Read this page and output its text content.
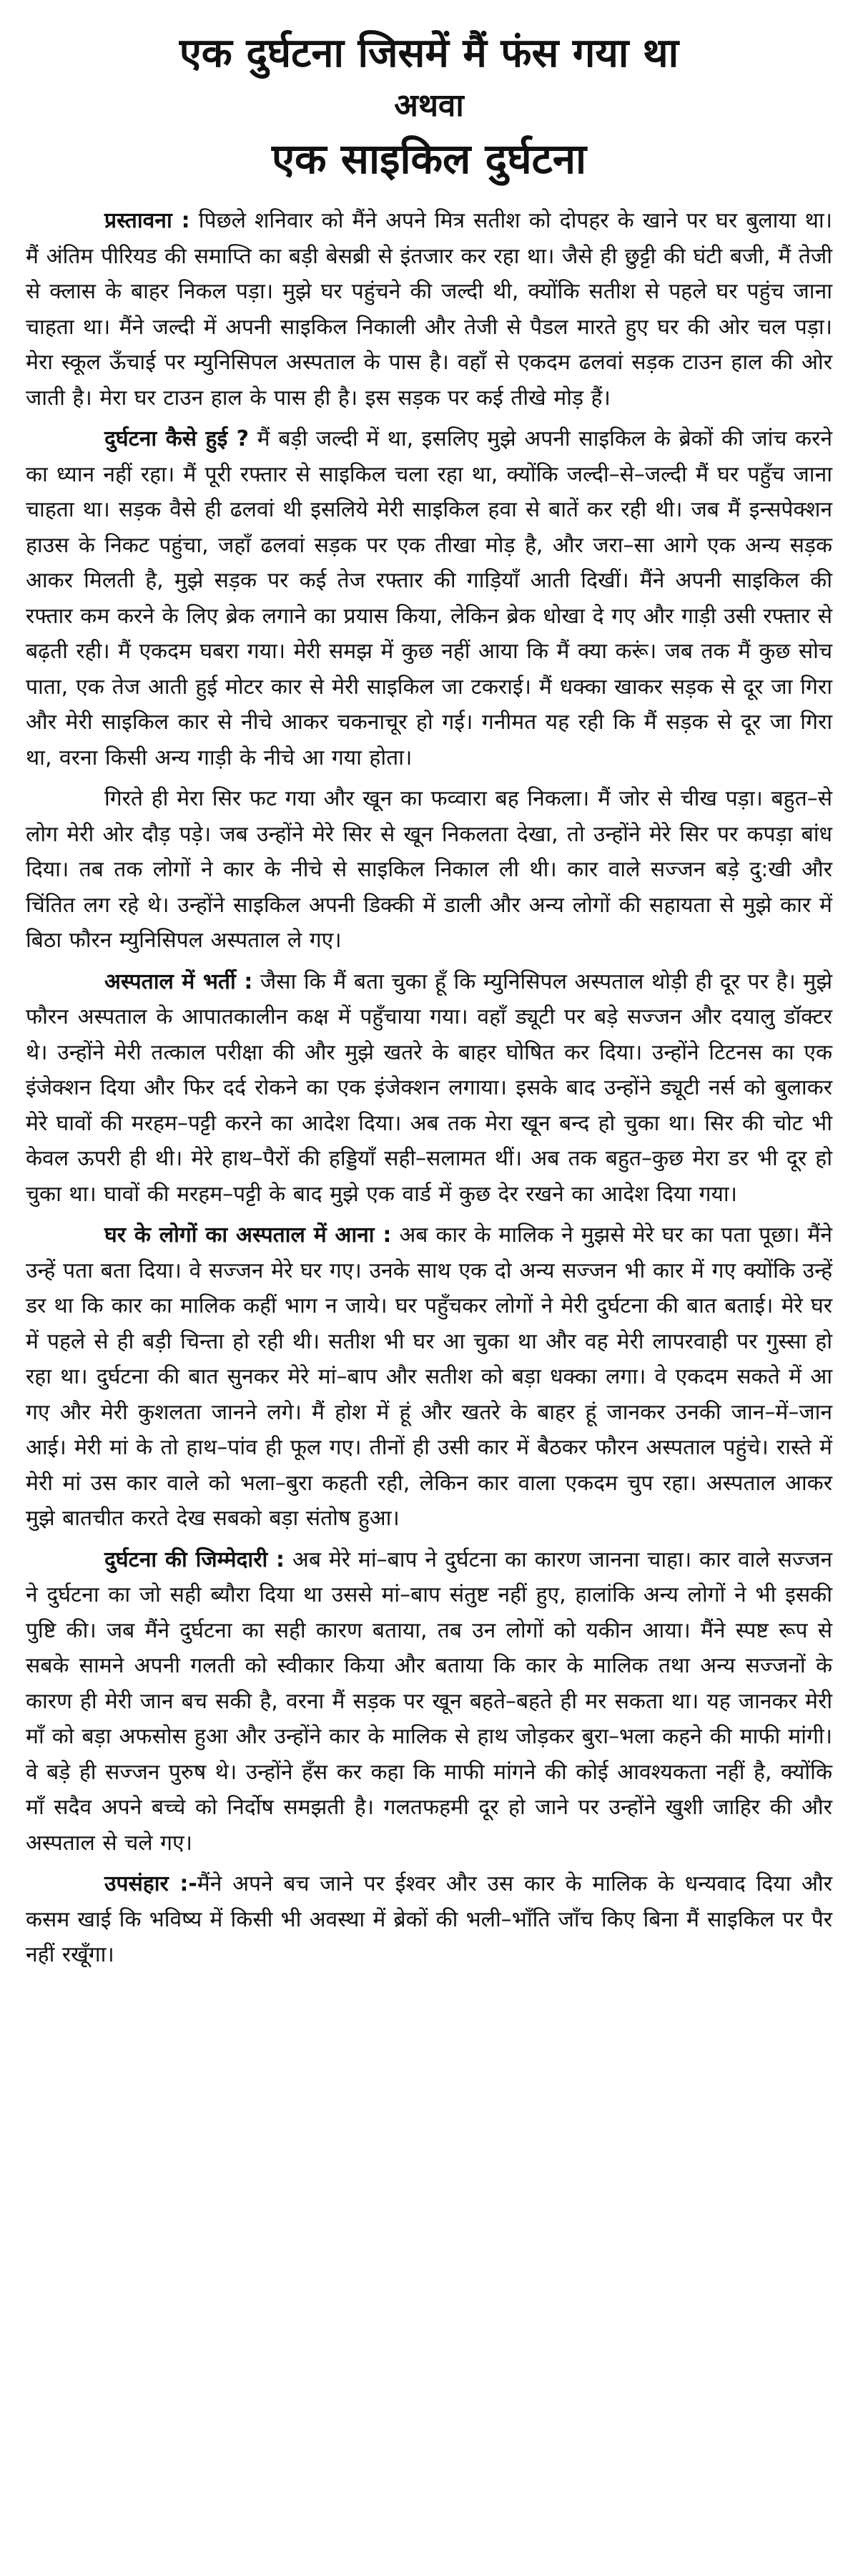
एक दुर्घटना जिसमें मैं फंस गया था
अथवा
एक साइकिल दुर्घटना

प्रस्तावना : पिछले शनिवार को मैंने अपने मित्र सतीश को दोपहर के खाने पर घर बुलाया था। मैं अंतिम पीरियड की समाप्ति का बड़ी बेसब्री से इंतजार कर रहा था। जैसे ही छुट्टी की घंटी बजी, मैं तेजी से क्लास के बाहर निकल पड़ा। मुझे घर पहुंचने की जल्दी थी, क्योंकि सतीश से पहले घर पहुंच जाना चाहता था। मैंने जल्दी में अपनी साइकिल निकाली और तेजी से पैडल मारते हुए घर की ओर चल पड़ा। मेरा स्कूल ऊँचाई पर म्युनिसिपल अस्पताल के पास है। वहाँ से एकदम ढलवां सड़क टाउन हाल की ओर जाती है। मेरा घर टाउन हाल के पास ही है। इस सड़क पर कई तीखे मोड़ हैं।

दुर्घटना कैसे हुई ? मैं बड़ी जल्दी में था, इसलिए मुझे अपनी साइकिल के ब्रेकों की जांच करने का ध्यान नहीं रहा। मैं पूरी रफ्तार से साइकिल चला रहा था, क्योंकि जल्दी–से–जल्दी मैं घर पहुँच जाना चाहता था। सड़क वैसे ही ढलवां थी इसलिये मेरी साइकिल हवा से बातें कर रही थी। जब मैं इन्सपेक्शन हाउस के निकट पहुंचा, जहाँ ढलवां सड़क पर एक तीखा मोड़ है, और जरा–सा आगे एक अन्य सड़क आकर मिलती है, मुझे सड़क पर कई तेज रफ्तार की गाड़ियाँ आती दिखीं। मैंने अपनी साइकिल की रफ्तार कम करने के लिए ब्रेक लगाने का प्रयास किया, लेकिन ब्रेक धोखा दे गए और गाड़ी उसी रफ्तार से बढ़ती रही। मैं एकदम घबरा गया। मेरी समझ में कुछ नहीं आया कि मैं क्या करूं। जब तक मैं कुछ सोच पाता, एक तेज आती हुई मोटर कार से मेरी साइकिल जा टकराई। मैं धक्का खाकर सड़क से दूर जा गिरा और मेरी साइकिल कार से नीचे आकर चकनाचूर हो गई। गनीमत यह रही कि मैं सड़क से दूर जा गिरा था, वरना किसी अन्य गाड़ी के नीचे आ गया होता।

गिरते ही मेरा सिर फट गया और खून का फव्वारा बह निकला। मैं जोर से चीख पड़ा। बहुत–से लोग मेरी ओर दौड़ पड़े। जब उन्होंने मेरे सिर से खून निकलता देखा, तो उन्होंने मेरे सिर पर कपड़ा बांध दिया। तब तक लोगों ने कार के नीचे से साइकिल निकाल ली थी। कार वाले सज्जन बड़े दु:खी और चिंतित लग रहे थे। उन्होंने साइकिल अपनी डिक्की में डाली और अन्य लोगों की सहायता से मुझे कार में बिठा फौरन म्युनिसिपल अस्पताल ले गए।

अस्पताल में भर्ती : जैसा कि मैं बता चुका हूँ कि म्युनिसिपल अस्पताल थोड़ी ही दूर पर है। मुझे फौरन अस्पताल के आपातकालीन कक्ष में पहुँचाया गया। वहाँ ड्यूटी पर बड़े सज्जन और दयालु डॉक्टर थे। उन्होंने मेरी तत्काल परीक्षा की और मुझे खतरे के बाहर घोषित कर दिया। उन्होंने टिटनस का एक इंजेक्शन दिया और फिर दर्द रोकने का एक इंजेक्शन लगाया। इसके बाद उन्होंने ड्यूटी नर्स को बुलाकर मेरे घावों की मरहम–पट्टी करने का आदेश दिया। अब तक मेरा खून बन्द हो चुका था। सिर की चोट भी केवल ऊपरी ही थी। मेरे हाथ–पैरों की हड्डियाँ सही–सलामत थीं। अब तक बहुत–कुछ मेरा डर भी दूर हो चुका था। घावों की मरहम–पट्टी के बाद मुझे एक वार्ड में कुछ देर रखने का आदेश दिया गया।

घर के लोगों का अस्पताल में आना : अब कार के मालिक ने मुझसे मेरे घर का पता पूछा। मैंने उन्हें पता बता दिया। वे सज्जन मेरे घर गए। उनके साथ एक दो अन्य सज्जन भी कार में गए क्योंकि उन्हें डर था कि कार का मालिक कहीं भाग न जाये। घर पहुँचकर लोगों ने मेरी दुर्घटना की बात बताई। मेरे घर में पहले से ही बड़ी चिन्ता हो रही थी। सतीश भी घर आ चुका था और वह मेरी लापरवाही पर गुस्सा हो रहा था। दुर्घटना की बात सुनकर मेरे मां–बाप और सतीश को बड़ा धक्का लगा। वे एकदम सकते में आ गए और मेरी कुशलता जानने लगे। मैं होश में हूं और खतरे के बाहर हूं जानकर उनकी जान–में–जान आई। मेरी मां के तो हाथ–पांव ही फूल गए। तीनों ही उसी कार में बैठकर फौरन अस्पताल पहुंचे। रास्ते में मेरी मां उस कार वाले को भला–बुरा कहती रही, लेकिन कार वाला एकदम चुप रहा। अस्पताल आकर मुझे बातचीत करते देख सबको बड़ा संतोष हुआ।

दुर्घटना की जिम्मेदारी : अब मेरे मां–बाप ने दुर्घटना का कारण जानना चाहा। कार वाले सज्जन ने दुर्घटना का जो सही ब्यौरा दिया था उससे मां–बाप संतुष्ट नहीं हुए, हालांकि अन्य लोगों ने भी इसकी पुष्टि की। जब मैंने दुर्घटना का सही कारण बताया, तब उन लोगों को यकीन आया। मैंने स्पष्ट रूप से सबके सामने अपनी गलती को स्वीकार किया और बताया कि कार के मालिक तथा अन्य सज्जनों के कारण ही मेरी जान बच सकी है, वरना मैं सड़क पर खून बहते–बहते ही मर सकता था। यह जानकर मेरी माँ को बड़ा अफसोस हुआ और उन्होंने कार के मालिक से हाथ जोड़कर बुरा–भला कहने की माफी मांगी। वे बड़े ही सज्जन पुरुष थे। उन्होंने हँस कर कहा कि माफी मांगने की कोई आवश्यकता नहीं है, क्योंकि माँ सदैव अपने बच्चे को निर्दोष समझती है। गलतफहमी दूर हो जाने पर उन्होंने खुशी जाहिर की और अस्पताल से चले गए।

उपसंहार :-मैंने अपने बच जाने पर ईश्वर और उस कार के मालिक के धन्यवाद दिया और कसम खाई कि भविष्य में किसी भी अवस्था में ब्रेकों की भली–भाँति जाँच किए बिना मैं साइकिल पर पैर नहीं रखूँगा।
